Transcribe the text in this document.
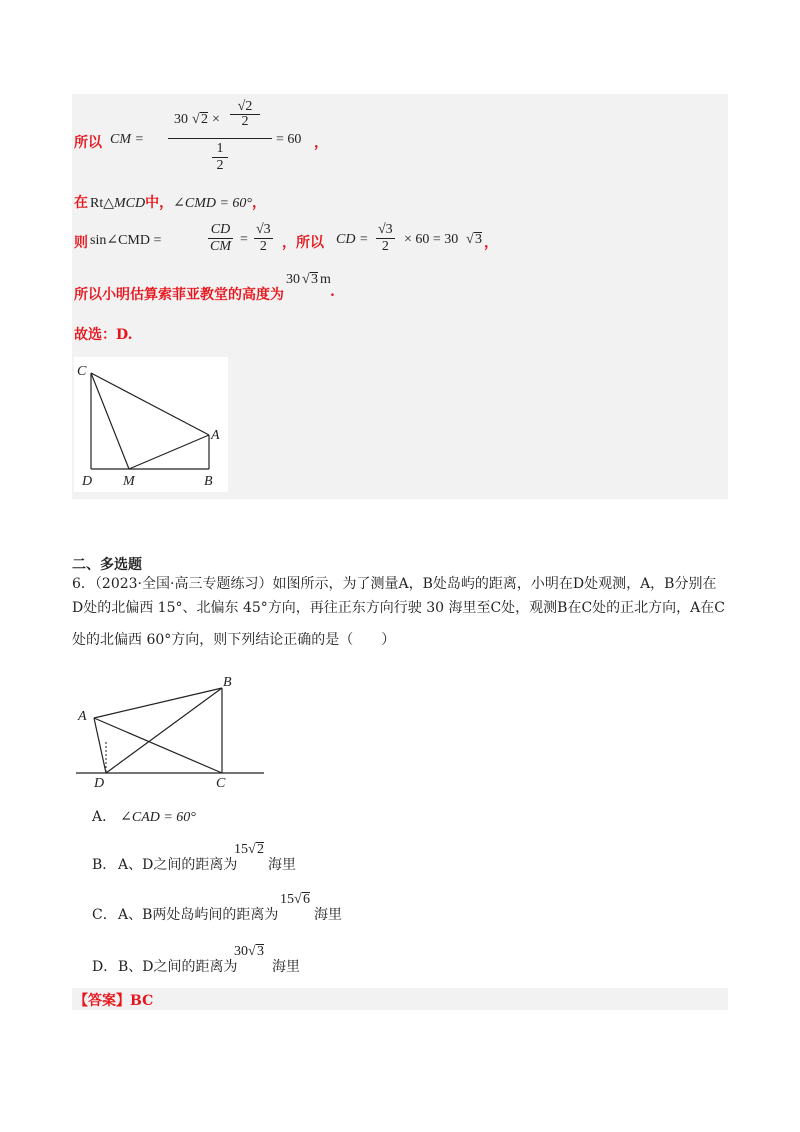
所以 CM =
30 √ 2 ×
√2
2
1
2
= 60 ，
在 Rt△MCD中，∠CMD = 60°，
则 sin∠CMD =	$\frac{CD}{CM} = \frac{√3}{2}$ ，所以 CD = $\frac{√3}{2} \times 60 = 30$ √ 3 ，
所以小明估算索菲亚教堂的高度为
30 √ 3 m
.
故选：D.
C
A
D M	B
二、多选题
6．（2023·全国·高三专题练习）如图所示，为了测量A，B处岛屿的距离，小明在D处观测，A，B分别在
D处的北偏西 15°、北偏东 45°方向，再往正东方向行驶 30 海里至C处，观测B在C处的正北方向，A在C
处的北偏西 60°方向，则下列结论正确的是（　　）
A
B
D	C
A． ∠CAD = 60°
B． A、D之间的距离为
15 √ 2
海里
C． A、B两处岛屿间的距离为
15 √ 6
海里
D． B、D之间的距离为
30 √ 3
海里
【答案】BC
